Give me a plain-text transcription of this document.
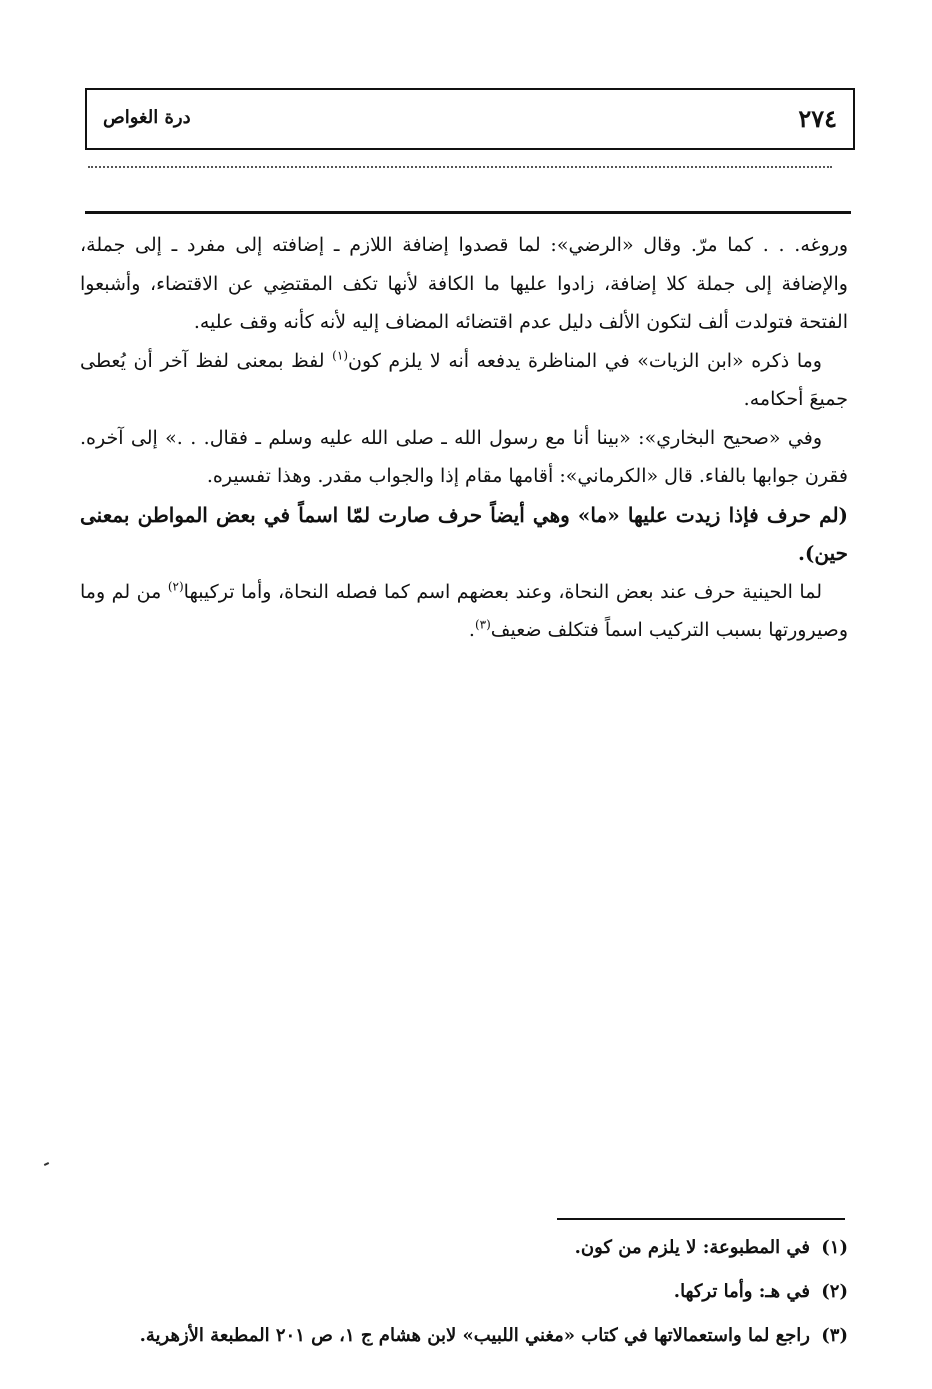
٢٧٤
درة الغواص

وروغه. . . كما مرّ. وقال «الرضي»: لما قصدوا إضافة اللازم ـ إضافته إلى مفرد ـ إلى جملة، والإضافة إلى جملة كلا إضافة، زادوا عليها ما الكافة لأنها تكف المقتضِي عن الاقتضاء، وأشبعوا الفتحة فتولدت ألف لتكون الألف دليل عدم اقتضائه المضاف إليه لأنه كأنه وقف عليه.

وما ذكره «ابن الزيات» في المناظرة يدفعه أنه لا يلزم كون$^{(١)}$ لفظ بمعنى لفظ آخر أن يُعطى جميعَ أحكامه.

وفي «صحيح البخاري»: «بينا أنا مع رسول الله ـ صلى الله عليه وسلم ـ فقال. . .» إلى آخره. فقرن جوابها بالفاء. قال «الكرماني»: أقامها مقام إذا والجواب مقدر. وهذا تفسيره.

(لم حرف فإذا زيدت عليها «ما» وهي أيضاً حرف صارت لمّا اسماً في بعض المواطن بمعنى حين).

لما الحينية حرف عند بعض النحاة، وعند بعضهم اسم كما فصله النحاة، وأما تركيبها$^{(٢)}$ من لم وما وصيرورتها بسبب التركيب اسماً فتكلف ضعيف$^{(٣)}$.

(١)
في المطبوعة: لا يلزم من كون.
(٢)
في هـ: وأما تركها.
(٣)
راجع لما واستعمالاتها في كتاب «مغني اللبيب» لابن هشام ج ١، ص ٢٠١ المطبعة الأزهرية.
